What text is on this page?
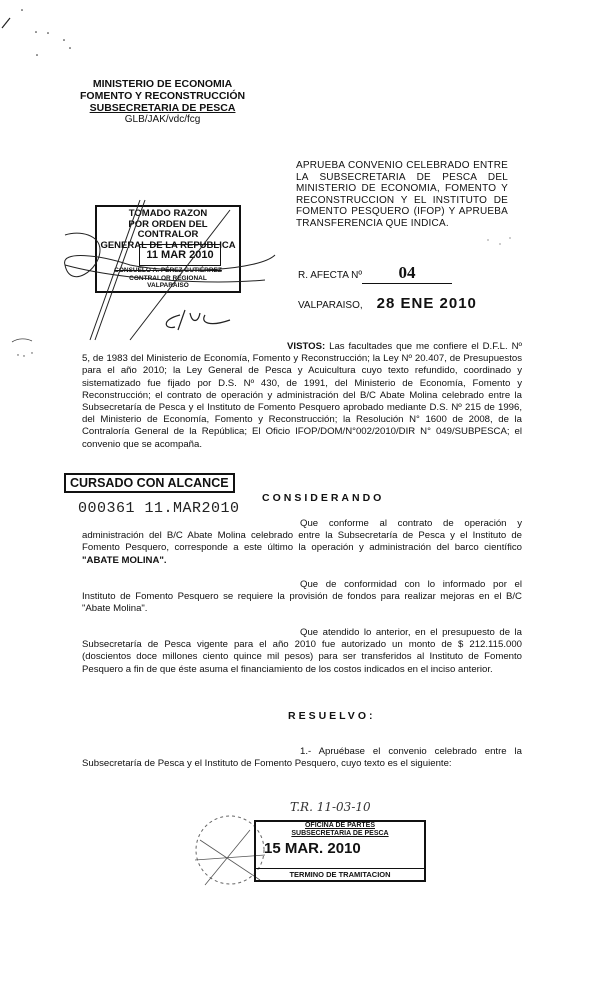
MINISTERIO DE ECONOMIA
FOMENTO Y RECONSTRUCCIÓN
SUBSECRETARIA DE PESCA
GLB/JAK/vdc/fcg
APRUEBA CONVENIO CELEBRADO ENTRE LA SUBSECRETARIA DE PESCA DEL MINISTERIO DE ECONOMIA, FOMENTO Y RECONSTRUCCION Y EL INSTITUTO DE FOMENTO PESQUERO (IFOP) Y APRUEBA TRANSFERENCIA QUE INDICA.
TOMADO RAZON
POR ORDEN DEL CONTRALOR
GENERAL DE LA REPUBLICA
11 MAR 2010
CONSUELO A. PÉREZ GUTIÉRREZ
CONTRALOR REGIONAL
VALPARAISO
R. AFECTA Nº 04
VALPARAISO, 28 ENE 2010
VISTOS: Las facultades que me confiere el D.F.L. Nº 5, de 1983 del Ministerio de Economía, Fomento y Reconstrucción; la Ley Nº 20.407, de Presupuestos para el año 2010; la Ley General de Pesca y Acuicultura cuyo texto refundido, coordinado y sistematizado fue fijado por D.S. Nº 430, de 1991, del Ministerio de Economía, Fomento y Reconstrucción; el contrato de operación y administración del B/C Abate Molina celebrado entre la Subsecretaría de Pesca y el Instituto de Fomento Pesquero aprobado mediante D.S. Nº 215 de 1996, del Ministerio de Economía, Fomento y Reconstrucción; la Resolución N° 1600 de 2008, de la Contraloría General de la República; El Oficio IFOP/DOM/N°002/2010/DIR N° 049/SUBPESCA; el convenio que se acompaña.
CURSADO CON ALCANCE
000361 11.MAR2010
CONSIDERANDO
Que conforme al contrato de operación y administración del B/C Abate Molina celebrado entre la Subsecretaría de Pesca y el Instituto de Fomento Pesquero, corresponde a este último la operación y administración del barco científico "ABATE MOLINA".
Que de conformidad con lo informado por el Instituto de Fomento Pesquero se requiere la provisión de fondos para realizar mejoras en el B/C "Abate Molina".
Que atendido lo anterior, en el presupuesto de la Subsecretaría de Pesca vigente para el año 2010 fue autorizado un monto de $ 212.115.000 (doscientos doce millones ciento quince mil pesos) para ser transferidos al Instituto de Fomento Pesquero a fin de que éste asuma el financiamiento de los costos indicados en el inciso anterior.
RESUELVO:
1.- Apruébase el convenio celebrado entre la Subsecretaría de Pesca y el Instituto de Fomento Pesquero, cuyo texto es el siguiente:
T.R. 11-03-10
OFICINA DE PARTES
SUBSECRETARIA DE PESCA
15 MAR. 2010
TERMINO DE TRAMITACION
